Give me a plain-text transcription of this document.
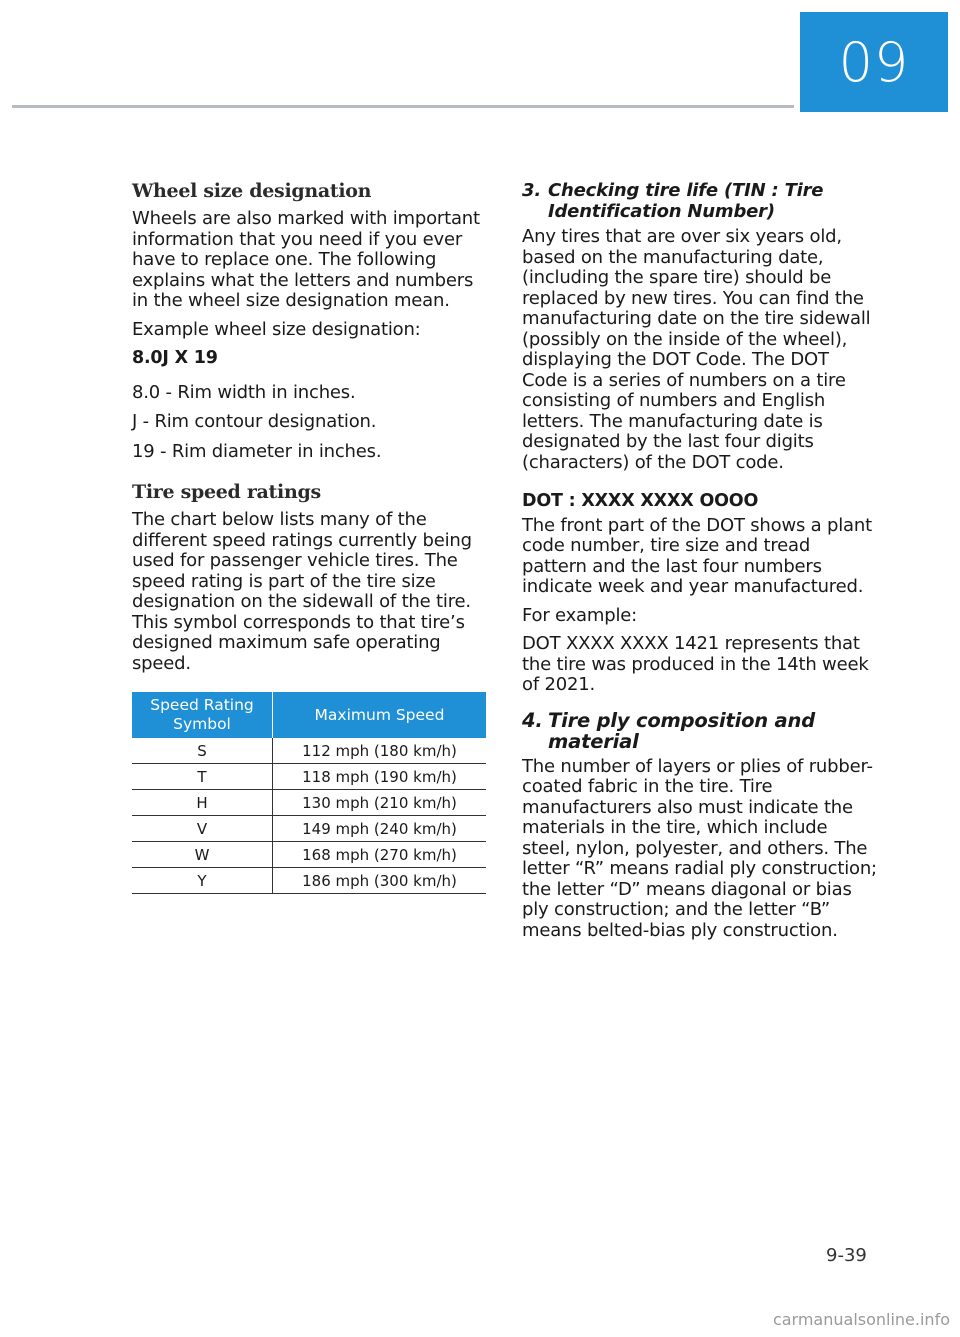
09
Wheel size designation

Wheels are also marked with important information that you need if you ever have to replace one. The following explains what the letters and numbers in the wheel size designation mean.

Example wheel size designation:

8.0J X 19

8.0 - Rim width in inches.

J - Rim contour designation.

19 - Rim diameter in inches.

Tire speed ratings

The chart below lists many of the different speed ratings currently being used for passenger vehicle tires. The speed rating is part of the tire size designation on the sidewall of the tire. This symbol corresponds to that tire’s designed maximum safe operating speed.

Speed Rating Symbol	Maximum Speed
S	112 mph (180 km/h)
T	118 mph (190 km/h)
H	130 mph (210 km/h)
V	149 mph (240 km/h)
W	168 mph (270 km/h)
Y	186 mph (300 km/h)
3. Checking tire life (TIN : Tire Identification Number)

Any tires that are over six years old, based on the manufacturing date, (including the spare tire) should be replaced by new tires. You can find the manufacturing date on the tire sidewall (possibly on the inside of the wheel), displaying the DOT Code. The DOT Code is a series of numbers on a tire consisting of numbers and English letters. The manufacturing date is designated by the last four digits (characters) of the DOT code.

DOT : XXXX XXXX OOOO

The front part of the DOT shows a plant code number, tire size and tread pattern and the last four numbers indicate week and year manufactured.

For example:

DOT XXXX XXXX 1421 represents that the tire was produced in the 14th week of 2021.

4. Tire ply composition and material

The number of layers or plies of rubber-coated fabric in the tire. Tire manufacturers also must indicate the materials in the tire, which include steel, nylon, polyester, and others. The letter “R” means radial ply construction; the letter “D” means diagonal or bias ply construction; and the letter “B” means belted-bias ply construction.

9-39
carmanualsonline.info
